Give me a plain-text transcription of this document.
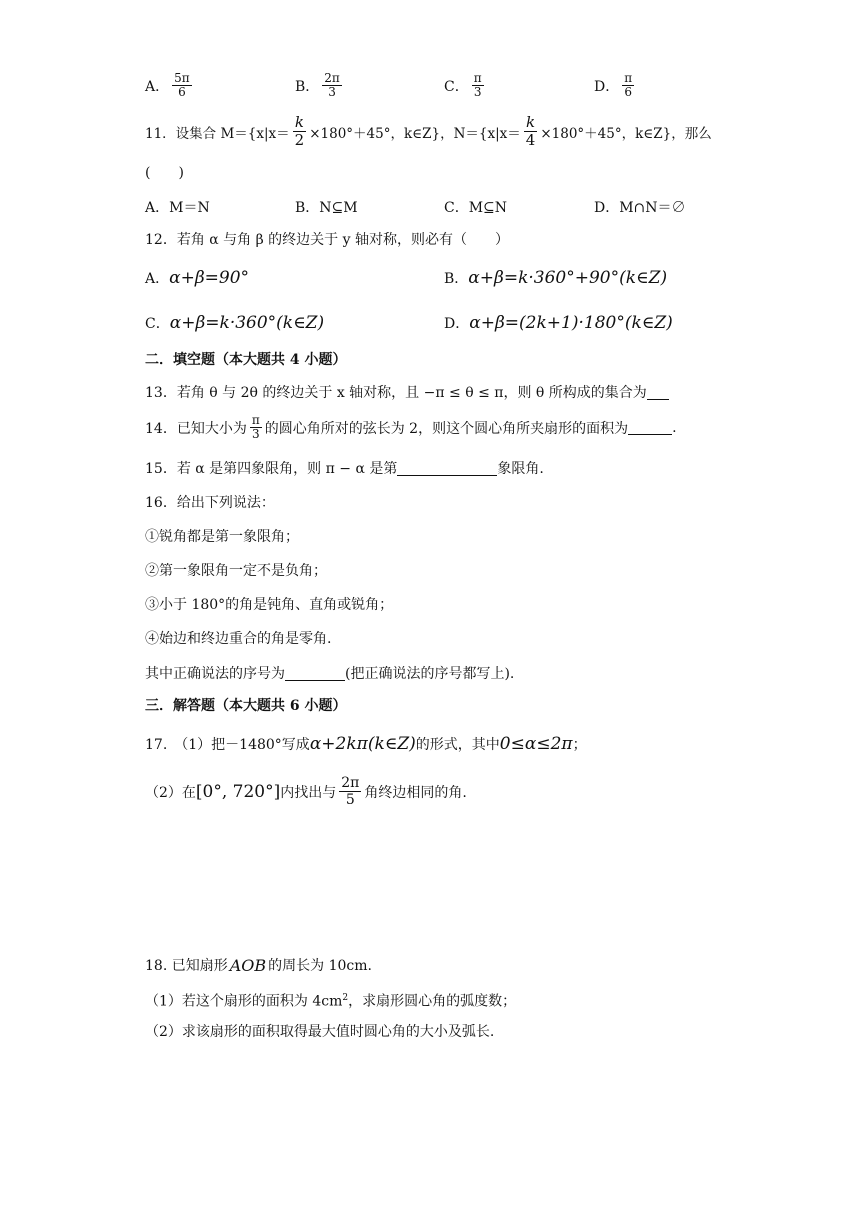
A． $\frac{5\pi}{6}$	B． $\frac{2\pi}{3}$	C． $\frac{\pi}{3}$	D． $\frac{\pi}{6}$
11．设集合 $M=\{x|x= \frac{k}{2} \times 180^\circ+45^\circ$，k∈Z}，$N=\{x|x= \frac{k}{4} \times 180^\circ+45^\circ$，k∈Z}，那么
(　　)
A．M＝N	B．N⊆M	C．M⊆N	D．M∩N＝∅
12．若角 α 与角 β 的终边关于 y 轴对称，则必有（　　）
A． α+β=90°	B． α+β=k·360°+90°(k∈Z)
C． α+β=k·360°(k∈Z)	D． α+β=(2k+1)·180°(k∈Z)
二．填空题（本大题共 4 小题）
13．若角 θ 与 2θ 的终边关于 x 轴对称，且 −π ≤ θ ≤ π，则 θ 所构成的集合为
14．已知大小为 $\frac{\pi}{3}$ 的圆心角所对的弦长为 2，则这个圆心角所夹扇形的面积为	.
15．若 α 是第四象限角，则 π − α 是第	象限角.
16．给出下列说法：
①锐角都是第一象限角；
②第一象限角一定不是负角；
③小于 180°的角是钝角、直角或锐角；
④始边和终边重合的角是零角.
其中正确说法的序号为	(把正确说法的序号都写上).
三．解答题（本大题共 6 小题）
17.　（1）把－1480°写成 α+2kπ(k∈Z) 的形式，其中 0≤α≤2π ；
（2）在 [0°, 720°] 内找出与 $\frac{2\pi}{5}$ 角终边相同的角.
18. 已知扇形 AOB 的周长为 10cm.
（1）若这个扇形的面积为 $4cm^2$，求扇形圆心角的弧度数；
（2）求该扇形的面积取得最大值时圆心角的大小及弧长.
